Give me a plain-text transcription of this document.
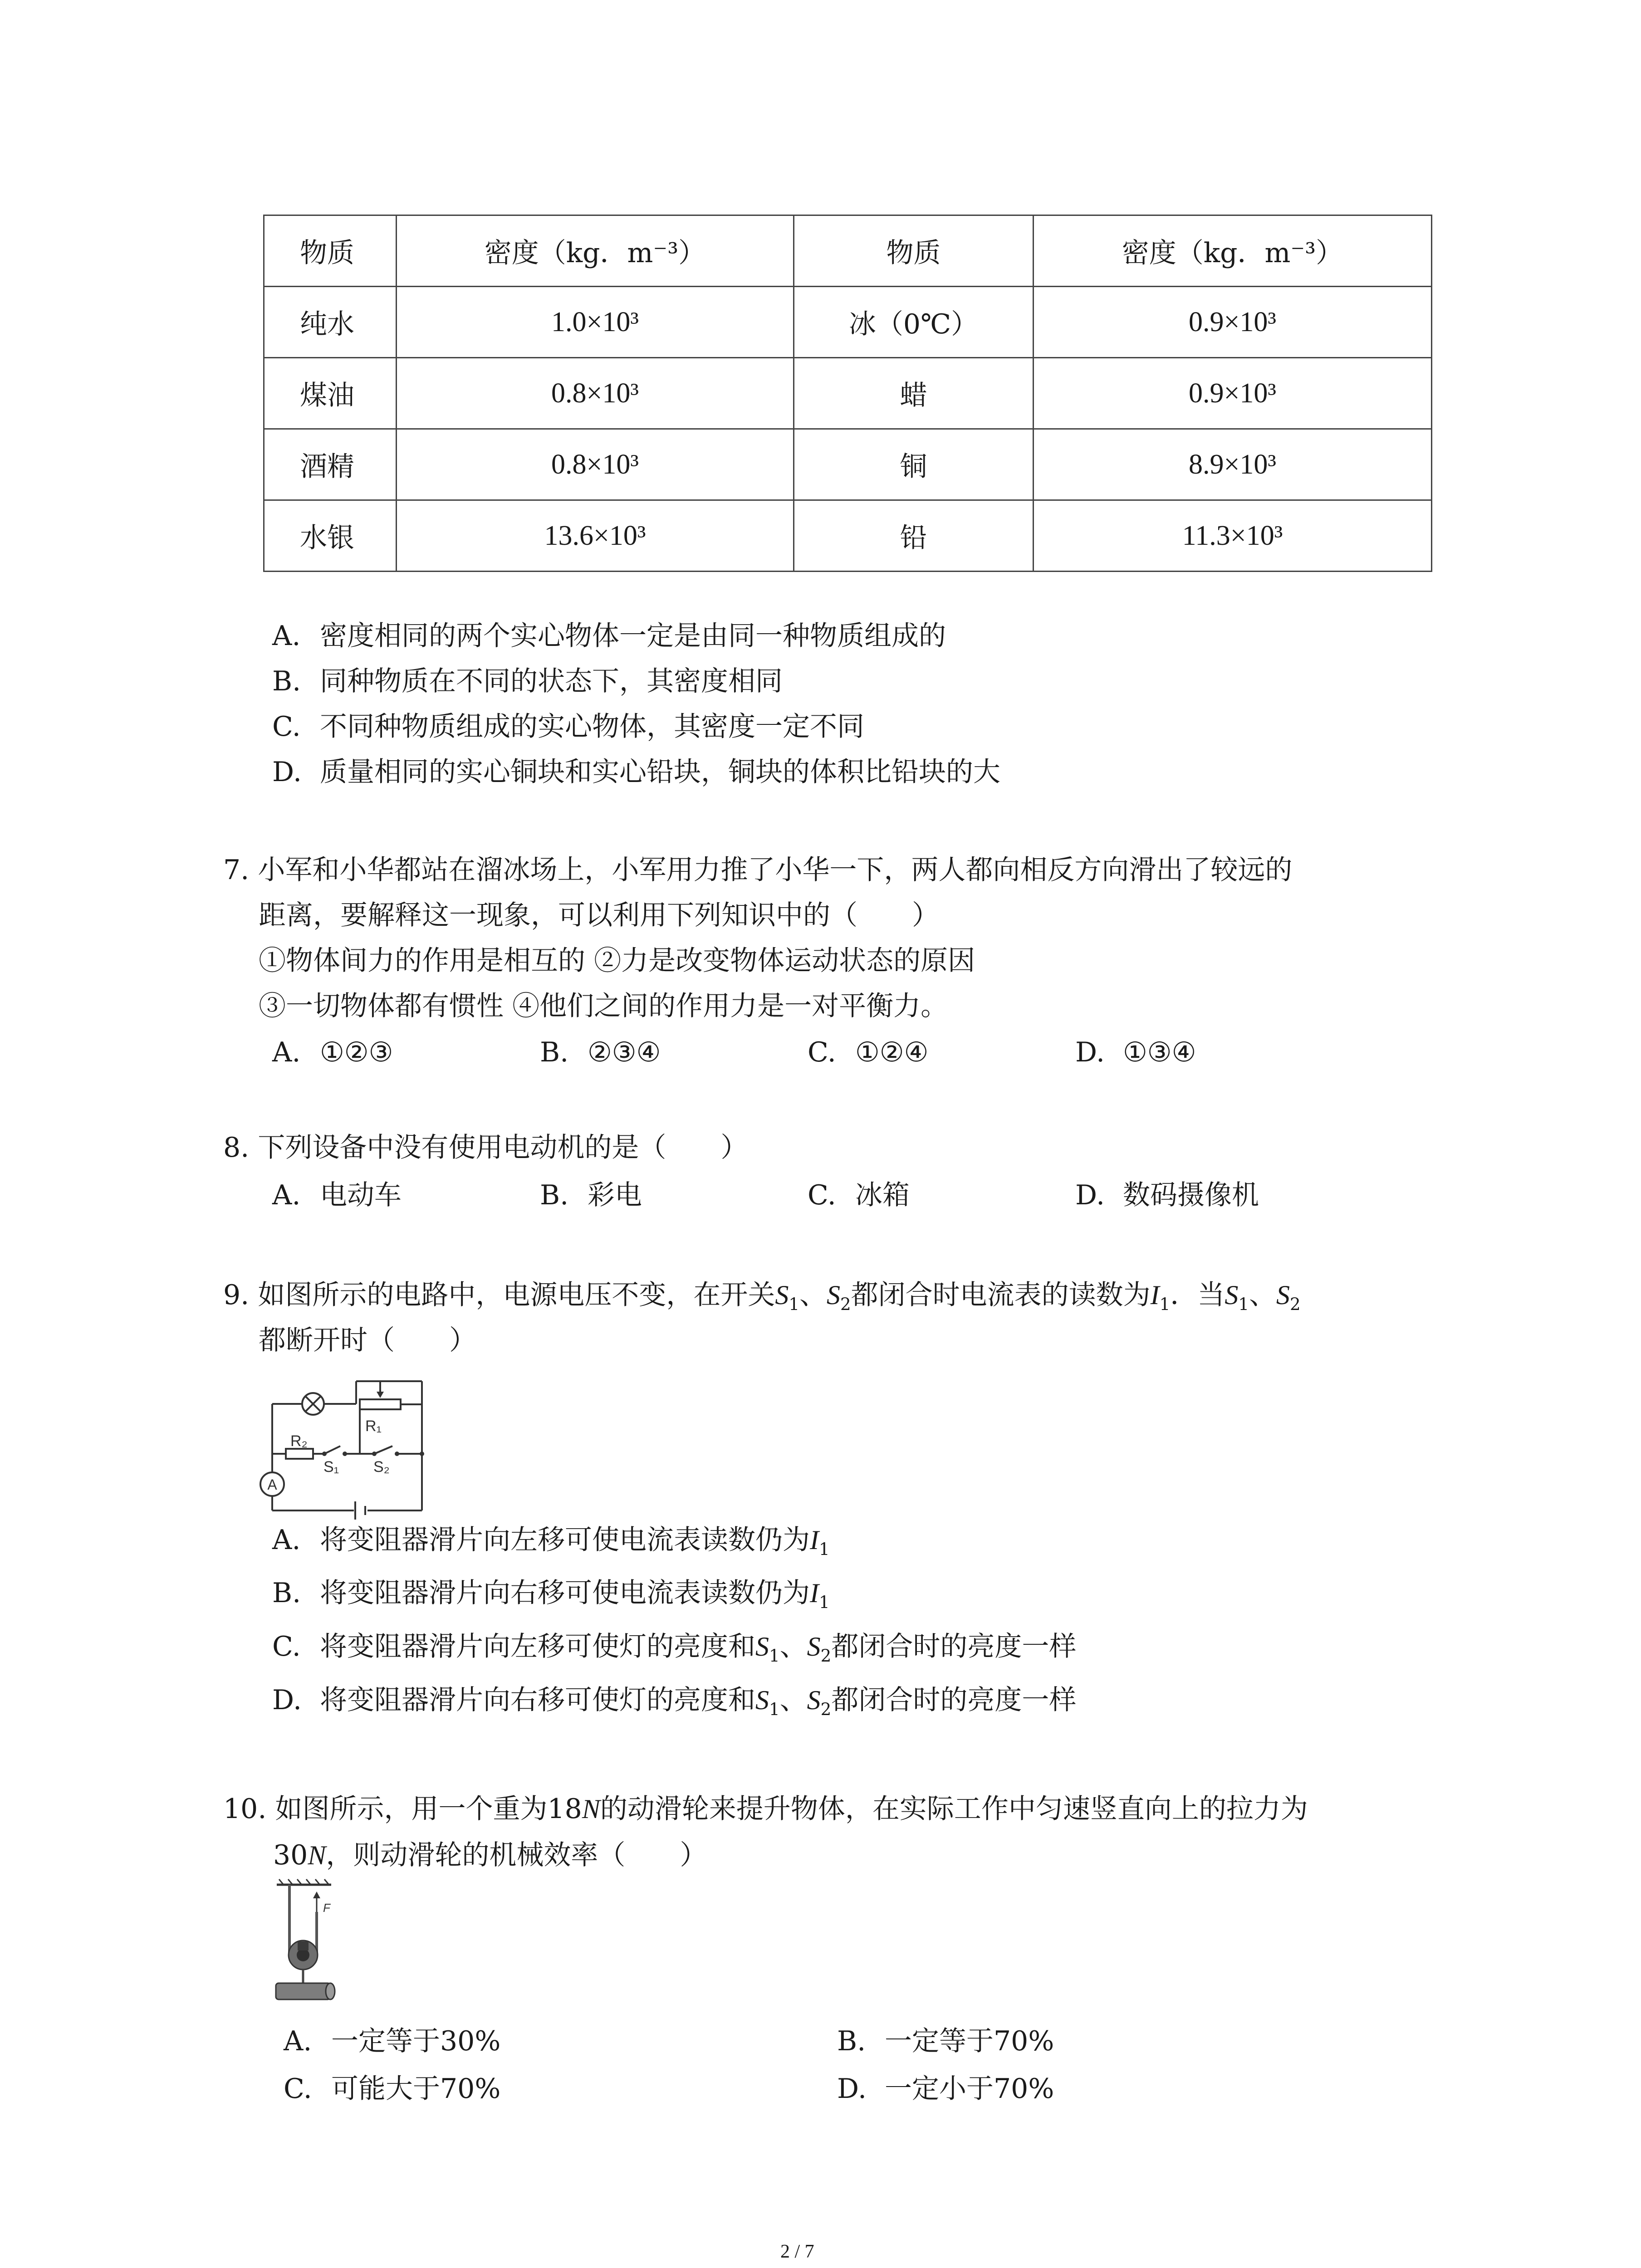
物质	密度（kg．m⁻³）	物质	密度（kg．m⁻³）
纯水	1.0×10³	冰（0℃）	0.9×10³
煤油	0.8×10³	蜡	0.9×10³
酒精	0.8×10³	铜	8.9×10³
水银	13.6×10³	铅	11.3×10³
A. 密度相同的两个实心物体一定是由同一种物质组成的
B. 同种物质在不同的状态下，其密度相同
C. 不同种物质组成的实心物体，其密度一定不同
D. 质量相同的实心铜块和实心铅块，铜块的体积比铅块的大
7. 小军和小华都站在溜冰场上，小军用力推了小华一下，两人都向相反方向滑出了较远的
距离，要解释这一现象，可以利用下列知识中的（　　）
①物体间力的作用是相互的 ②力是改变物体运动状态的原因
③一切物体都有惯性 ④他们之间的作用力是一对平衡力。
A. ①②③	B. ②③④	C. ①②④	D. ①③④
8. 下列设备中没有使用电动机的是（　　）
A. 电动车	B. 彩电	C. 冰箱	D. 数码摄像机
9. 如图所示的电路中，电源电压不变，在开关$S_1$、$S_2$都闭合时电流表的读数为$I_1$．当$S_1$、$S_2$
都断开时（　　）
A
R₁
R₂
S₁ S₂
A. 将变阻器滑片向左移可使电流表读数仍为$I_1$
B. 将变阻器滑片向右移可使电流表读数仍为$I_1$
C. 将变阻器滑片向左移可使灯的亮度和$S_1$、$S_2$都闭合时的亮度一样
D. 将变阻器滑片向右移可使灯的亮度和$S_1$、$S_2$都闭合时的亮度一样
10. 如图所示，用一个重为18N的动滑轮来提升物体，在实际工作中匀速竖直向上的拉力为
30N，则动滑轮的机械效率（　　）
F
A. 一定等于30%	B. 一定等于70%
C. 可能大于70%	D. 一定小于70%
2 / 7
